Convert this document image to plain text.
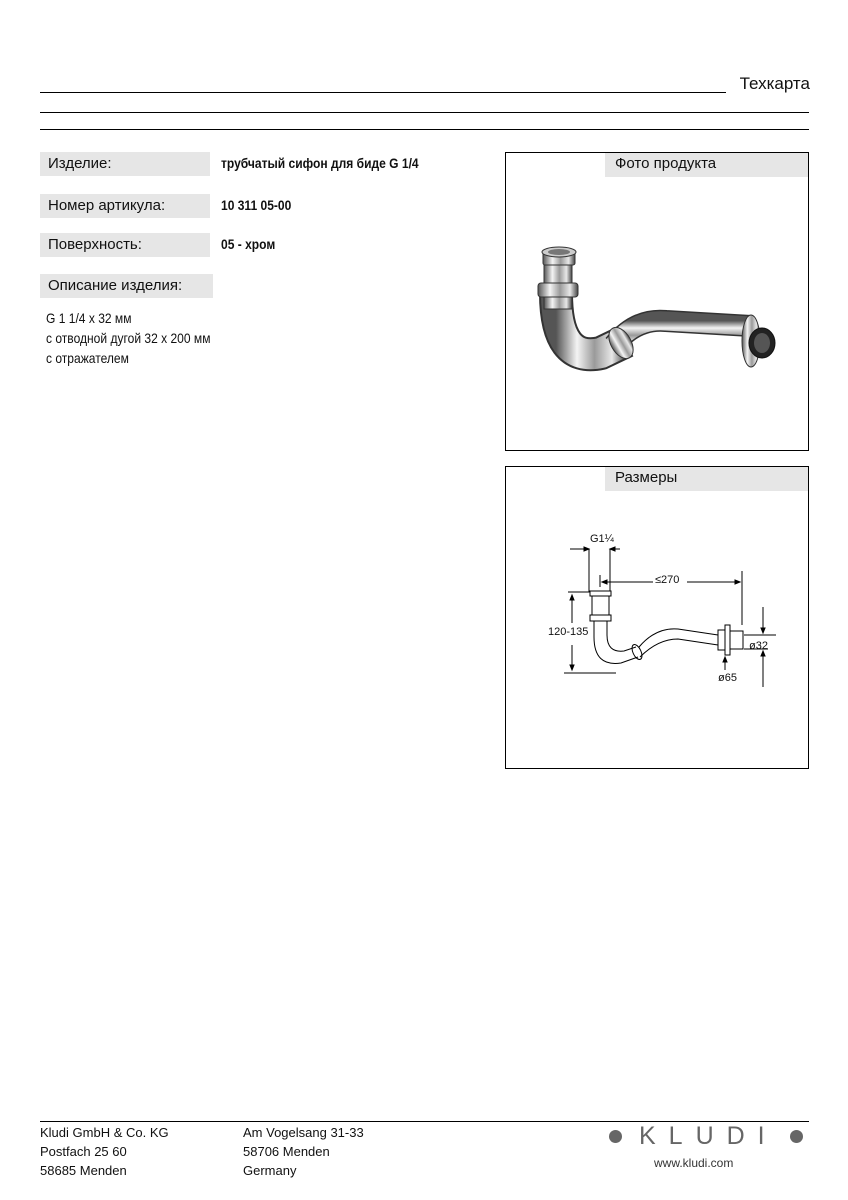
Техкарта
Изделие:	трубчатый сифон для биде G 1/4
Номер артикула:	10 311 05-00
Поверхность:	05 - хром
Описание изделия:
G 1 1/4 x 32 мм
с отводной дугой 32 x 200 мм
с отражателем
Фото продукта
Размеры
G1¼
≤270
120-135
ø32
ø65
Kludi GmbH & Co. KG
Postfach 25 60
58685 Menden
Am Vogelsang 31-33
58706 Menden
Germany
KLUDI
www.kludi.com
